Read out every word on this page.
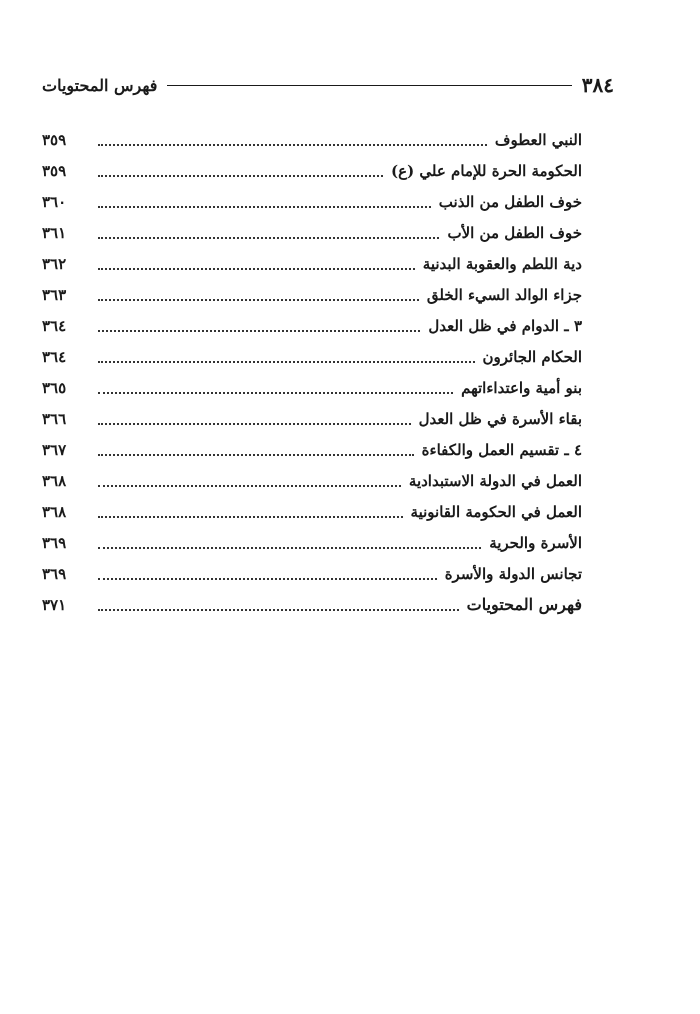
٣٨٤
فهرس المحتويات
النبي العطوف
٣٥٩
الحكومة الحرة للإمام علي (ع)
٣٥٩
خوف الطفل من الذنب
٣٦٠
خوف الطفل من الأب
٣٦١
دية اللطم والعقوبة البدنية
٣٦٢
جزاء الوالد السيء الخلق
٣٦٣
٣ ـ الدوام في ظل العدل
٣٦٤
الحكام الجائرون
٣٦٤
بنو أمية واعتداءاتهم
٣٦٥
بقاء الأسرة في ظل العدل
٣٦٦
٤ ـ تقسيم العمل والكفاءة
٣٦٧
العمل في الدولة الاستبدادية
٣٦٨
العمل في الحكومة القانونية
٣٦٨
الأسرة والحرية
٣٦٩
تجانس الدولة والأسرة
٣٦٩
فهرس المحتويات
٣٧١
